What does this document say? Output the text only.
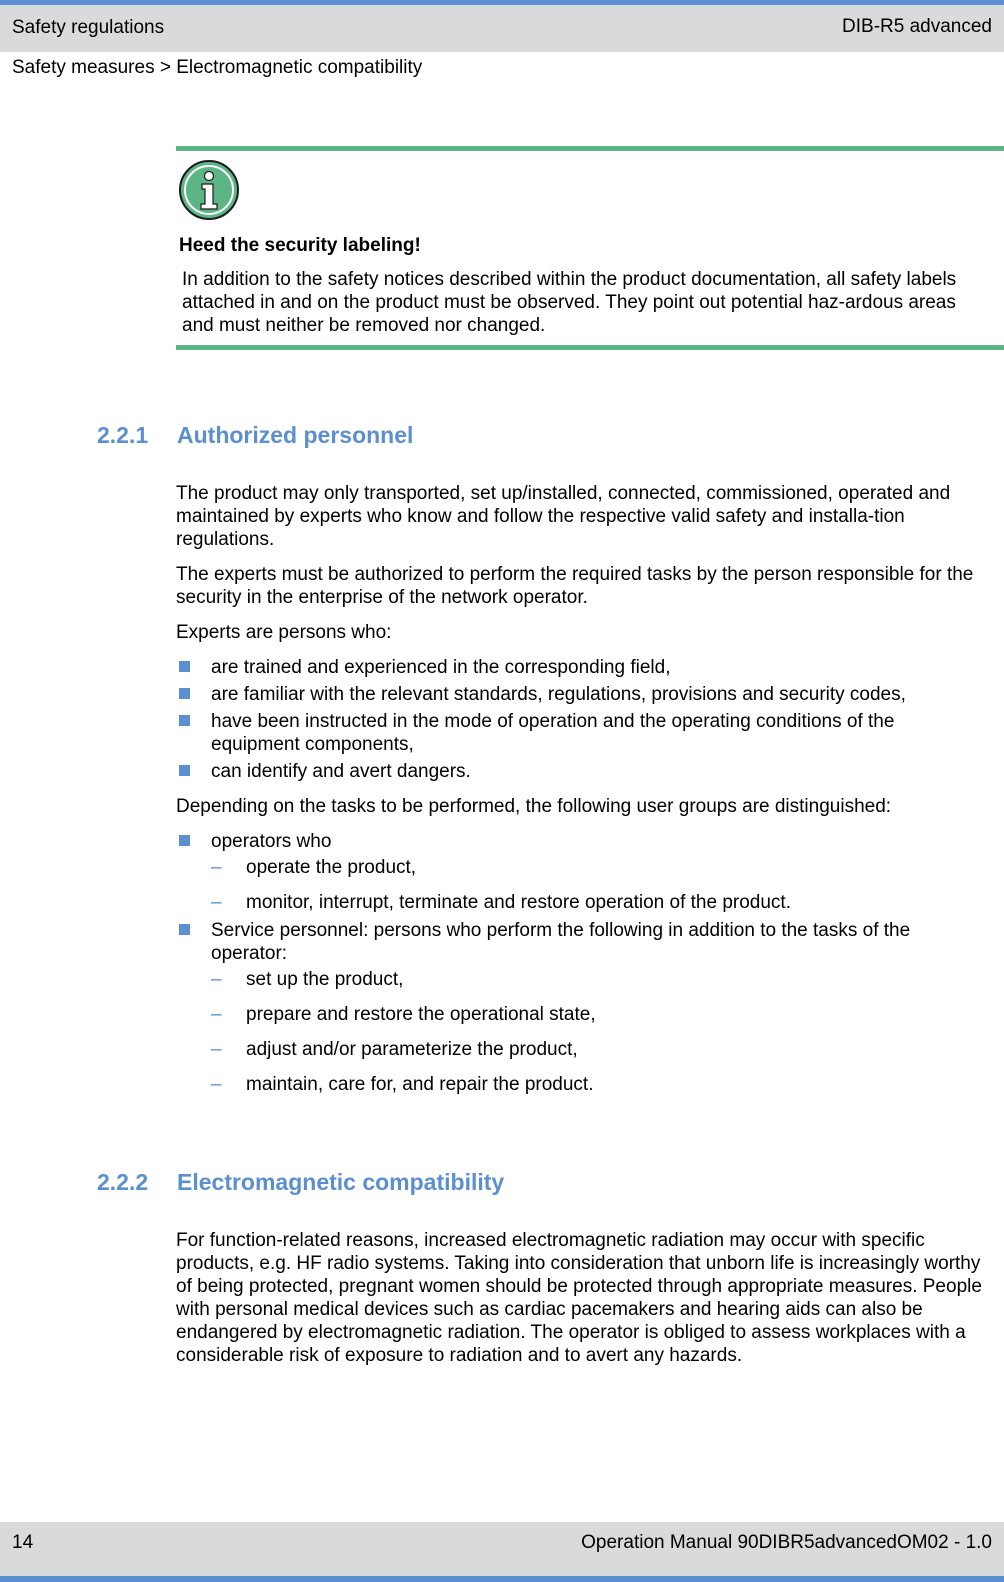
Safety regulations	DIB-R5 advanced
Safety measures > Electromagnetic compatibility
Heed the security labeling!
In addition to the safety notices described within the product documentation, all safety labels attached in and on the product must be observed. They point out potential haz-ardous areas and must neither be removed nor changed.
2.2.1 Authorized personnel

The product may only transported, set up/installed, connected, commissioned, operated and maintained by experts who know and follow the respective valid safety and installa-tion regulations.

The experts must be authorized to perform the required tasks by the person responsible for the security in the enterprise of the network operator.

Experts are persons who:

are trained and experienced in the corresponding field,
are familiar with the relevant standards, regulations, provisions and security codes,
have been instructed in the mode of operation and the operating conditions of the equipment components,
can identify and avert dangers.

Depending on the tasks to be performed, the following user groups are distinguished:

operators who
– operate the product,
– monitor, interrupt, terminate and restore operation of the product.
Service personnel: persons who perform the following in addition to the tasks of the operator:
– set up the product,
– prepare and restore the operational state,
– adjust and/or parameterize the product,
– maintain, care for, and repair the product.
2.2.2 Electromagnetic compatibility

For function-related reasons, increased electromagnetic radiation may occur with specific products, e.g. HF radio systems. Taking into consideration that unborn life is increasingly worthy of being protected, pregnant women should be protected through appropriate measures. People with personal medical devices such as cardiac pacemakers and hearing aids can also be endangered by electromagnetic radiation. The operator is obliged to assess workplaces with a considerable risk of exposure to radiation and to avert any hazards.

14	Operation Manual 90DIBR5advancedOM02 - 1.0
